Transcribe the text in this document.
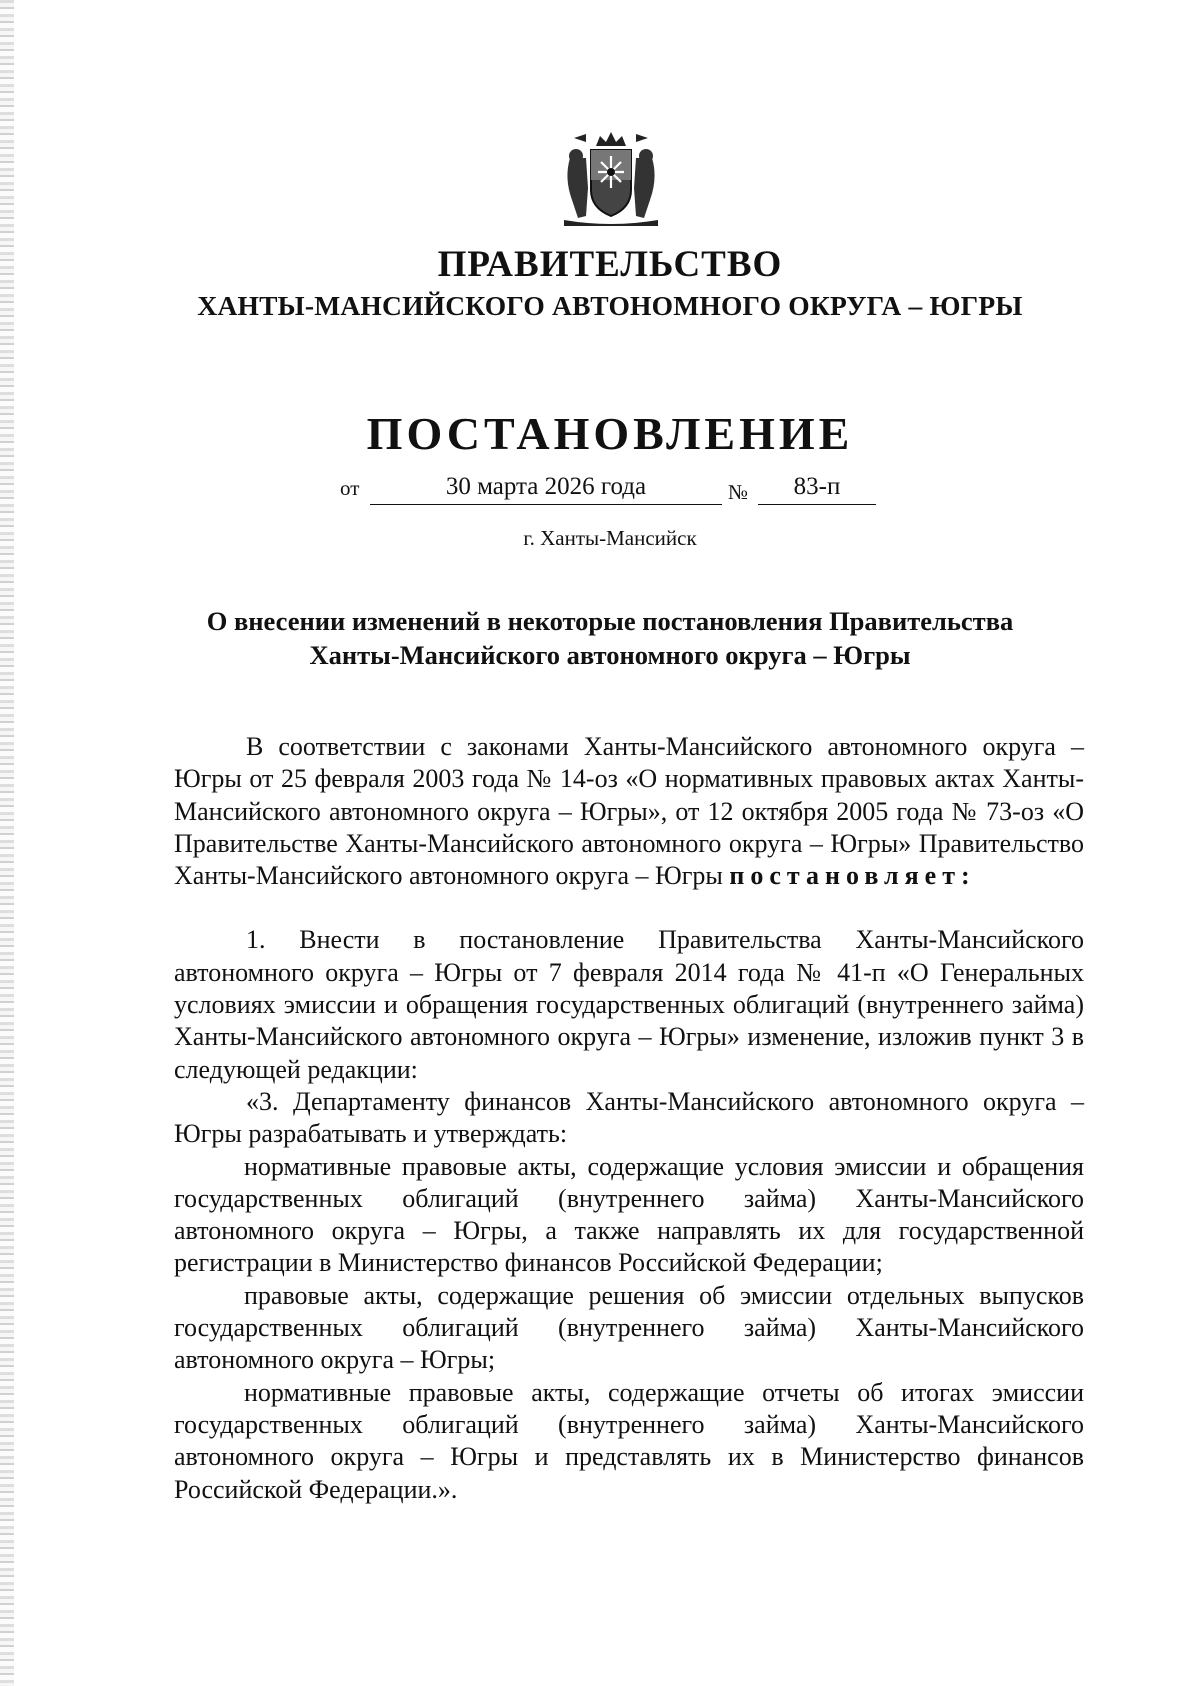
ПРАВИТЕЛЬСТВО
ХАНТЫ-МАНСИЙСКОГО АВТОНОМНОГО ОКРУГА – ЮГРЫ
ПОСТАНОВЛЕНИЕ
от	30 марта 2026 года	№	83-п
г. Ханты-Мансийск
О внесении изменений в некоторые постановления Правительства
Ханты-Мансийского автономного округа – Югры

В соответствии с законами Ханты-Мансийского автономного округа – Югры от 25 февраля 2003 года № 14-оз «О нормативных правовых актах Ханты-Мансийского автономного округа – Югры», от 12 октября 2005 года № 73-оз «О Правительстве Ханты-Мансийского автономного округа – Югры» Правительство Ханты-Мансийского автономного округа – Югры постановляет:

1. Внести в постановление Правительства Ханты-Мансийского автономного округа – Югры от 7 февраля 2014 года № 41-п «О Генеральных условиях эмиссии и обращения государственных облигаций (внутреннего займа) Ханты-Мансийского автономного округа – Югры» изменение, изложив пункт 3 в следующей редакции:

«3. Департаменту финансов Ханты-Мансийского автономного округа – Югры разрабатывать и утверждать:

нормативные правовые акты, содержащие условия эмиссии и обращения государственных облигаций (внутреннего займа) Ханты-Мансийского автономного округа – Югры, а также направлять их для государственной регистрации в Министерство финансов Российской Федерации;

правовые акты, содержащие решения об эмиссии отдельных выпусков государственных облигаций (внутреннего займа) Ханты-Мансийского автономного округа – Югры;

нормативные правовые акты, содержащие отчеты об итогах эмиссии государственных облигаций (внутреннего займа) Ханты-Мансийского автономного округа – Югры и представлять их в Министерство финансов Российской Федерации.».
